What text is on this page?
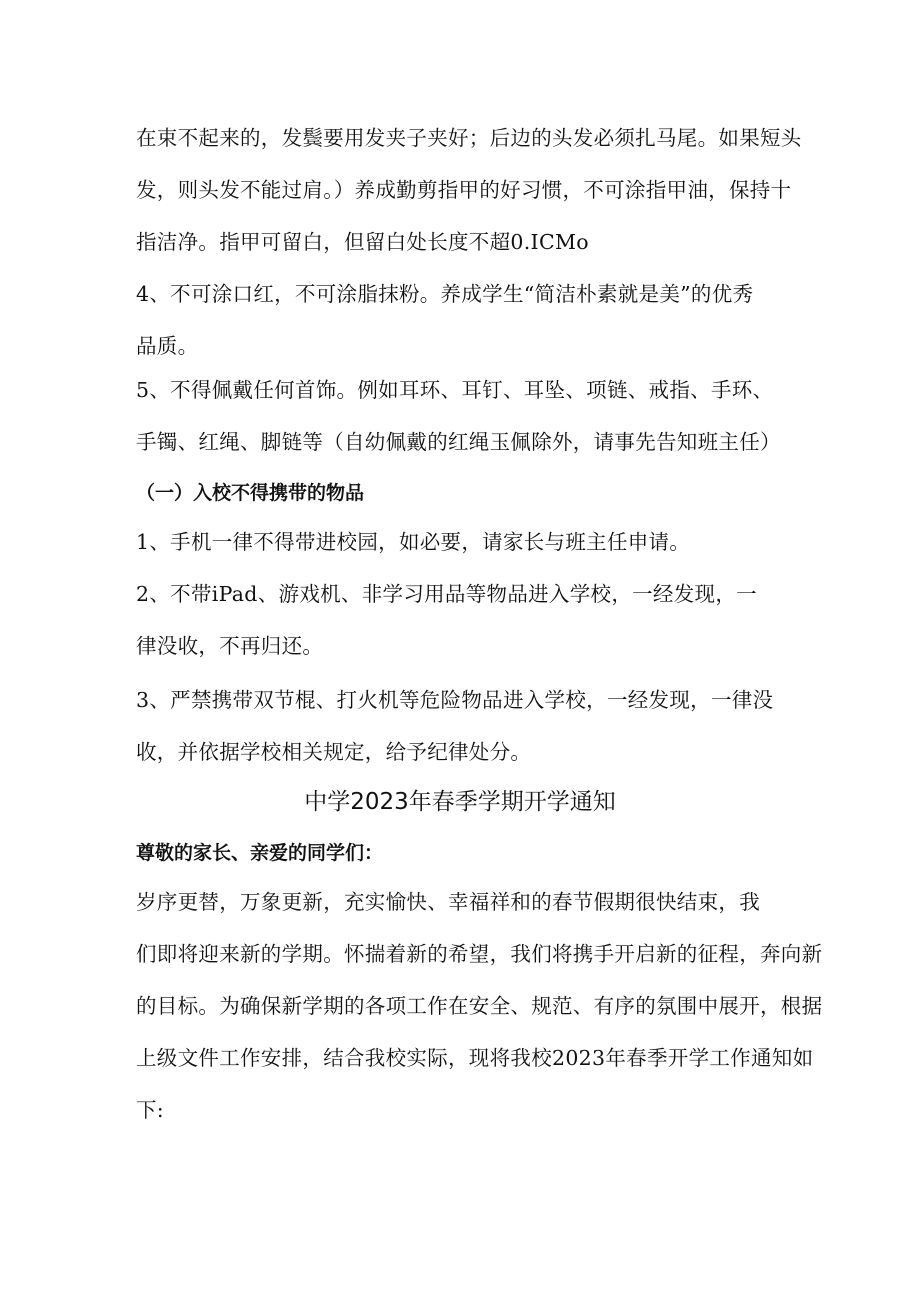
在束不起来的，发鬓要用发夹子夹好；后边的头发必须扎马尾。如果短头
发，则头发不能过肩。）养成勤剪指甲的好习惯，不可涂指甲油，保持十
指洁净。指甲可留白，但留白处长度不超0.ICMo
4、不可涂口红，不可涂脂抹粉。养成学生“简洁朴素就是美”的优秀
品质。
5、不得佩戴任何首饰。例如耳环、耳钉、耳坠、项链、戒指、手环、
手镯、红绳、脚链等（自幼佩戴的红绳玉佩除外，请事先告知班主任）
（一）入校不得携带的物品
1、手机一律不得带进校园，如必要，请家长与班主任申请。
2、不带iPad、游戏机、非学习用品等物品进入学校，一经发现，一
律没收，不再归还。
3、严禁携带双节棍、打火机等危险物品进入学校，一经发现，一律没
收，并依据学校相关规定，给予纪律处分。
中学2023年春季学期开学通知
尊敬的家长、亲爱的同学们：
岁序更替，万象更新，充实愉快、幸福祥和的春节假期很快结束，我
们即将迎来新的学期。怀揣着新的希望，我们将携手开启新的征程，奔向新
的目标。为确保新学期的各项工作在安全、规范、有序的氛围中展开，根据
上级文件工作安排，结合我校实际，现将我校2023年春季开学工作通知如
下:
